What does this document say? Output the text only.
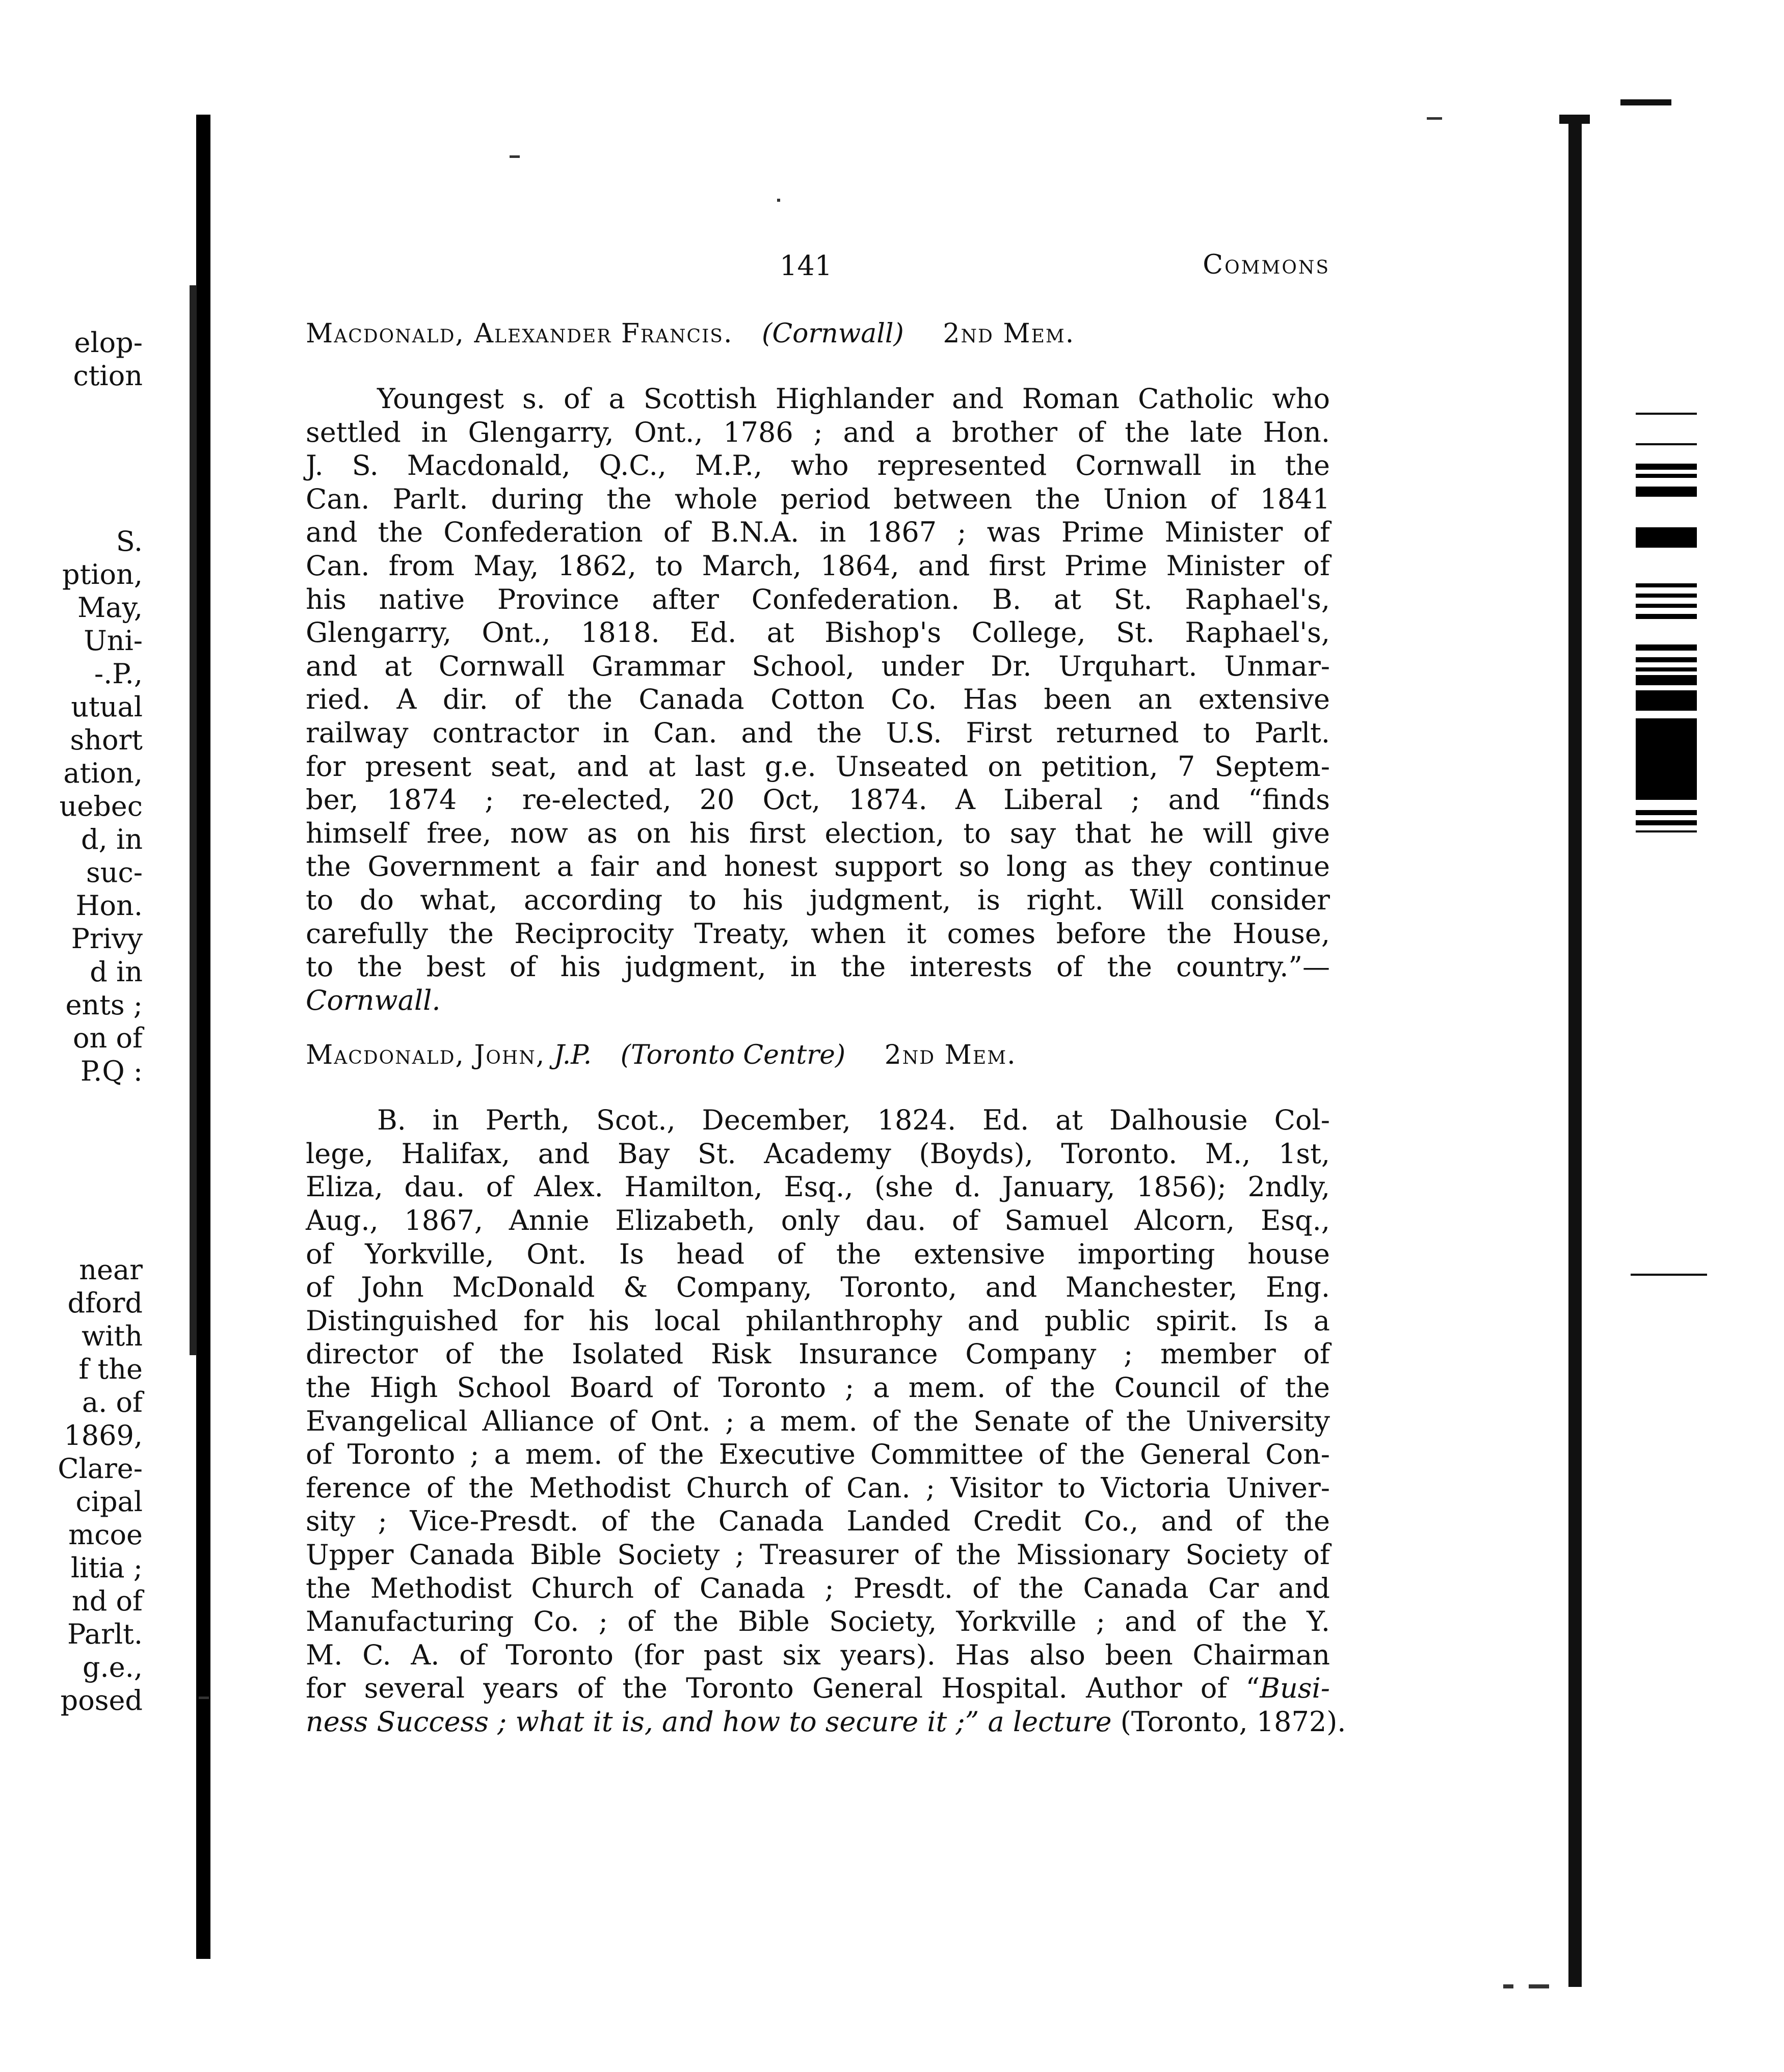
elop-
ction

S.
ption,
May,
Uni-
-.P.,
utual
short
ation,
uebec
d, in
suc-
Hon.
Privy
d in
ents ;
on of
P.Q :

near
dford
with
f the
a. of
1869,
Clare-
cipal
mcoe
litia ;
nd of
Parlt.
g.e.,
posed
141	Commons
Macdonald, Alexander Francis. (Cornwall) 2nd Mem.
Youngest s. of a Scottish Highlander and Roman Catholic who
settled in Glengarry, Ont., 1786 ; and a brother of the late Hon.
J. S. Macdonald, Q.C., M.P., who represented Cornwall in the
Can. Parlt. during the whole period between the Union of 1841
and the Confederation of B.N.A. in 1867 ; was Prime Minister of
Can. from May, 1862, to March, 1864, and first Prime Minister of
his native Province after Confederation. B. at St. Raphael's,
Glengarry, Ont., 1818. Ed. at Bishop's College, St. Raphael's,
and at Cornwall Grammar School, under Dr. Urquhart. Unmar-
ried. A dir. of the Canada Cotton Co. Has been an extensive
railway contractor in Can. and the U.S. First returned to Parlt.
for present seat, and at last g.e. Unseated on petition, 7 Septem-
ber, 1874 ; re-elected, 20 Oct, 1874. A Liberal ; and “finds
himself free, now as on his first election, to say that he will give
the Government a fair and honest support so long as they continue
to do what, according to his judgment, is right. Will consider
carefully the Reciprocity Treaty, when it comes before the House,
to the best of his judgment, in the interests of the country.”—
Cornwall.
Macdonald, John, J.P. (Toronto Centre) 2nd Mem.
B. in Perth, Scot., December, 1824. Ed. at Dalhousie Col-
lege, Halifax, and Bay St. Academy (Boyds), Toronto. M., 1st,
Eliza, dau. of Alex. Hamilton, Esq., (she d. January, 1856); 2ndly,
Aug., 1867, Annie Elizabeth, only dau. of Samuel Alcorn, Esq.,
of Yorkville, Ont. Is head of the extensive importing house
of John McDonald & Company, Toronto, and Manchester, Eng.
Distinguished for his local philanthrophy and public spirit. Is a
director of the Isolated Risk Insurance Company ; member of
the High School Board of Toronto ; a mem. of the Council of the
Evangelical Alliance of Ont. ; a mem. of the Senate of the University
of Toronto ; a mem. of the Executive Committee of the General Con-
ference of the Methodist Church of Can. ; Visitor to Victoria Univer-
sity ; Vice-Presdt. of the Canada Landed Credit Co., and of the
Upper Canada Bible Society ; Treasurer of the Missionary Society of
the Methodist Church of Canada ; Presdt. of the Canada Car and
Manufacturing Co. ; of the Bible Society, Yorkville ; and of the Y.
M. C. A. of Toronto (for past six years). Has also been Chairman
for several years of the Toronto General Hospital. Author of “Busi-
ness Success ; what it is, and how to secure it ;” a lecture (Toronto, 1872).
